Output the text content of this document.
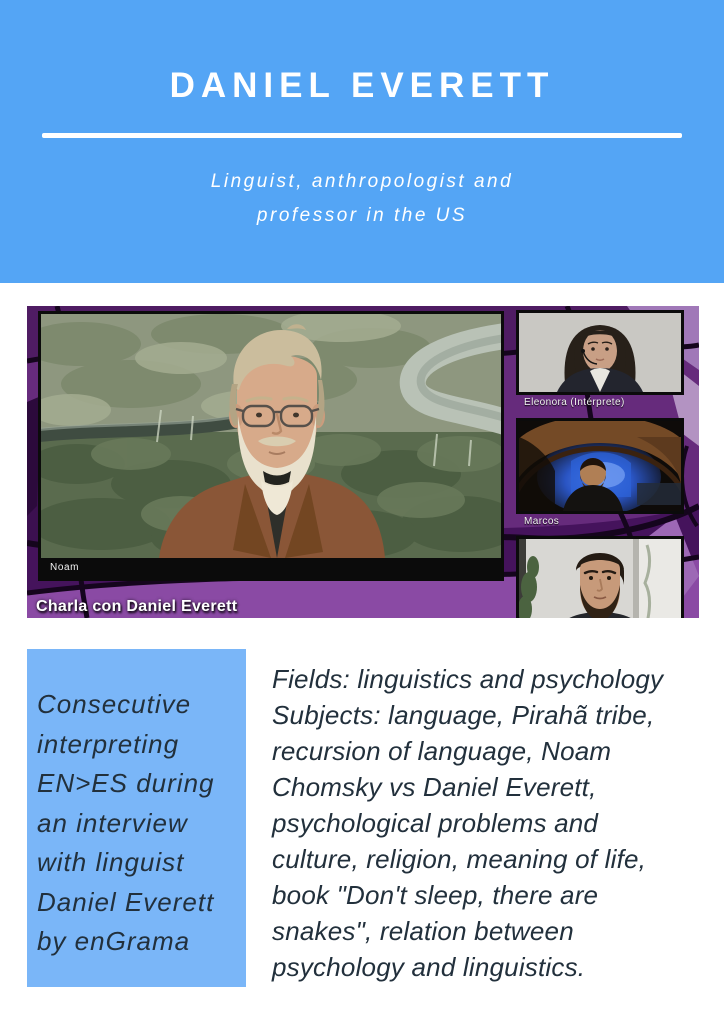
DANIEL EVERETT

Linguist, anthropologist and
professor in the US

Noam
Eleonora (Intérprete)
Marcos
Charla con Daniel Everett
Consecutive
interpreting
EN>ES during
an interview
with linguist
Daniel Everett
by enGrama
Fields: linguistics and psychology
Subjects: language, Pirahã tribe,
recursion of language, Noam
Chomsky vs Daniel Everett,
psychological problems and
culture, religion, meaning of life,
book "Don't sleep, there are
snakes", relation between
psychology and linguistics.
